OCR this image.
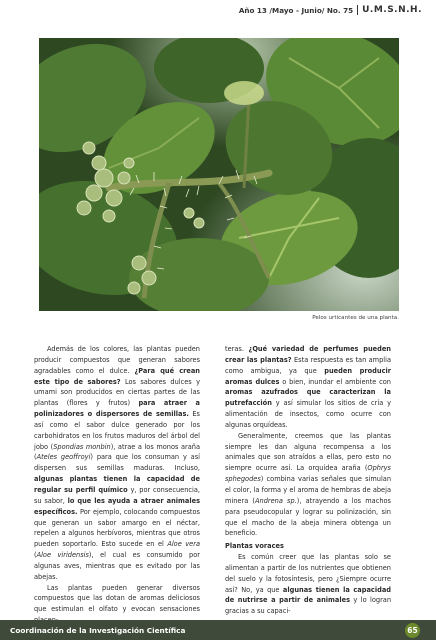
Año 13 /Mayo - Junio/ No. 75 U.M.S.N.H.
Pelos urticantes de una planta.

Además de los colores, las plantas pueden producir compuestos que generan sabores agradables como el dulce. ¿Para qué crean este tipo de sabores? Los sabores dulces y umami son producidos en ciertas partes de las plantas (flores y frutos) para atraer a polinizadores o dispersores de semillas. Es así como el sabor dulce generado por los carbohidratos en los frutos maduros del árbol del jobo (Spondias monbin), atrae a los monos araña (Ateles geoffroyi) para que los consuman y así dispersen sus semillas maduras. Incluso, algunas plantas tienen la capacidad de regular su perfil químico y, por consecuencia, su sabor, lo que les ayuda a atraer animales específicos. Por ejemplo, colocando compuestos que generan un sabor amargo en el néctar, repelen a algunos herbívoros, mientras que otros pueden soportarlo. Esto sucede en el Aloe vera (Aloe viridensis), el cual es consumido por algunas aves, mientras que es evitado por las abejas.

Las plantas pueden generar diversos compuestos que las dotan de aromas deliciosos que estimulan el olfato y evocan sensaciones

teras. ¿Qué variedad de perfumes pueden crear las plantas? Esta respuesta es tan amplia como ambigua, ya que pueden producir aromas dulces o bien, inundar el ambiente con aromas azufrados que caracterizan la putrefacción y así simular los sitios de cría y alimentación de insectos, como ocurre con algunas orquídeas.

Generalmente, creemos que las plantas siempre les dan alguna recompensa a los animales que son atraídos a ellas, pero esto no siempre ocurre así. La orquídea araña (Ophrys sphegodes) combina varias señales que simulan el color, la forma y el aroma de hembras de abeja minera (Andrena sp.), atrayendo a los machos para pseudocopular y lograr su polinización, sin que el macho de la abeja minera obtenga un beneficio.

Plantas voraces

Es común creer que las plantas solo se alimentan a partir de los nutrientes que obtienen del suelo y la fotosíntesis, pero ¿Siempre ocurre así? No, ya que algunas tienen la capacidad de nutrirse a partir de animales y lo logran gracias a su capaci-

Coordinación de la Investigación Científica	65
